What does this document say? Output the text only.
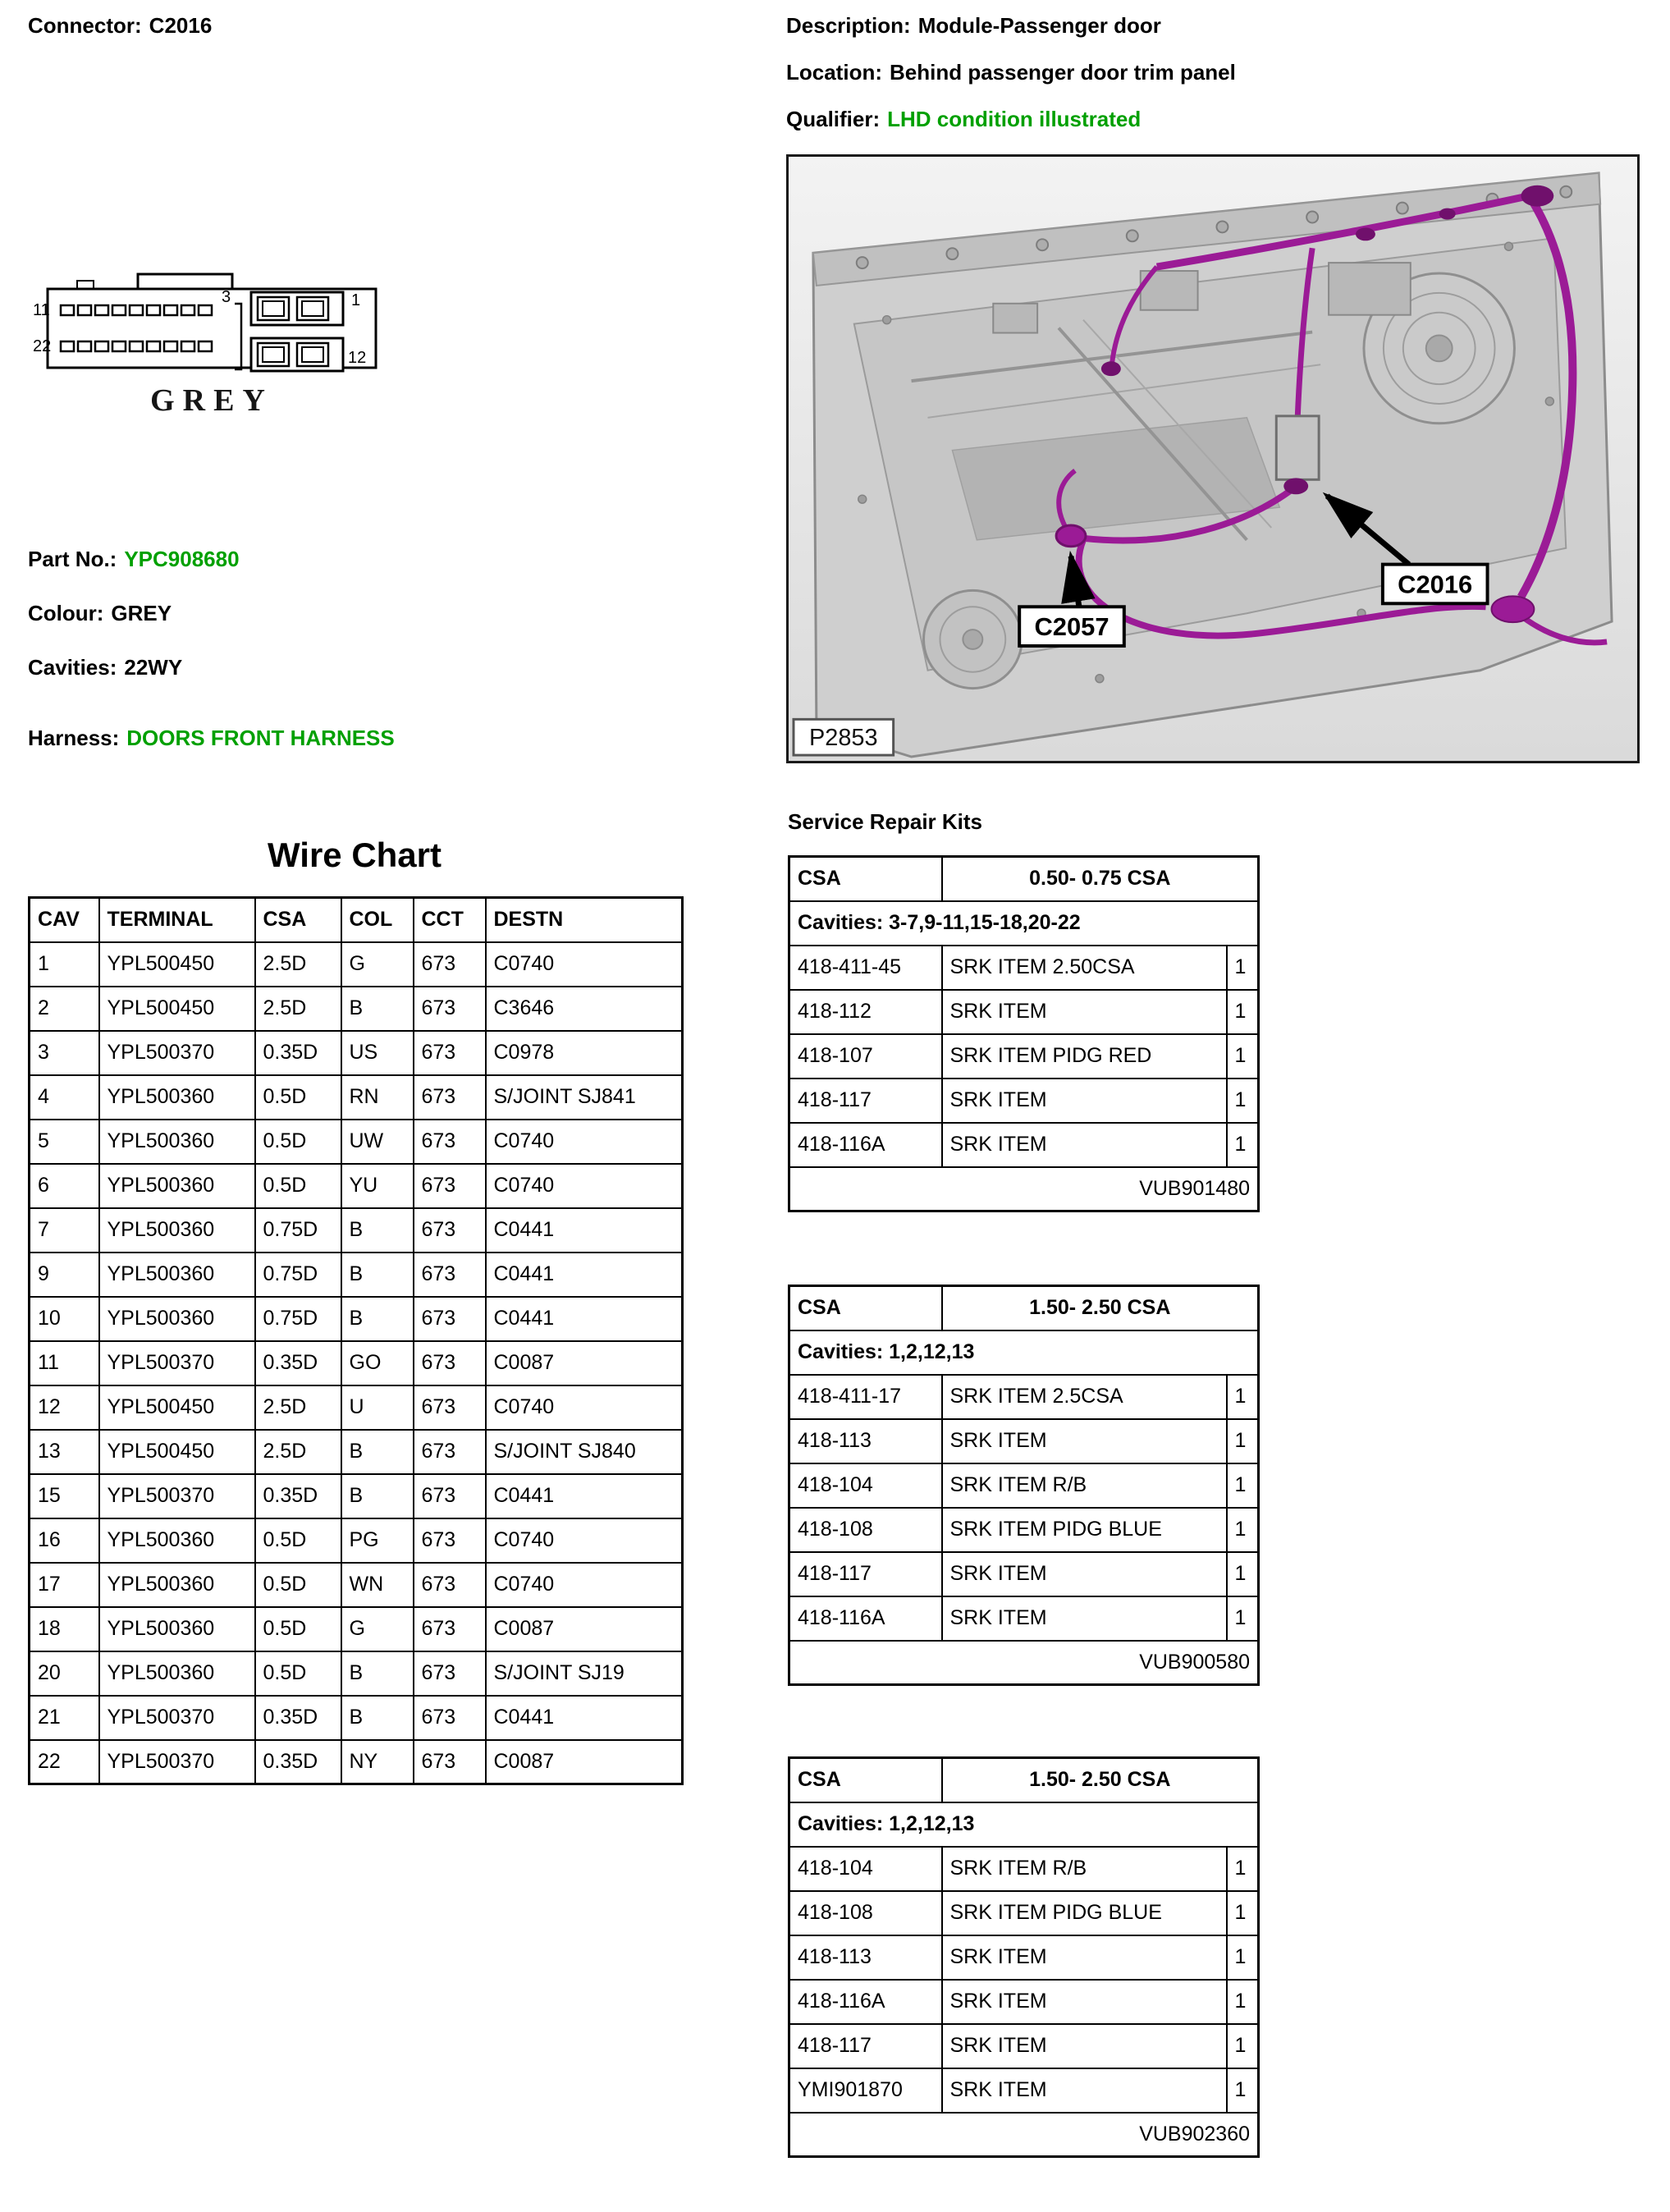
Connector: C2016	Description: Module-Passenger door
Location: Behind passenger door trim panel
Qualifier: LHD condition illustrated
11
22
3	1
12
GREY
Part No.: YPC908680
Colour: GREY
Cavities: 22WY
Harness: DOORS FRONT HARNESS
C2057
C2016
P2853
Wire Chart
CAV	TERMINAL	CSA	COL	CCT	DESTN
1	YPL500450	2.5D	G	673	C0740
2	YPL500450	2.5D	B	673	C3646
3	YPL500370	0.35D	US	673	C0978
4	YPL500360	0.5D	RN	673	S/JOINT SJ841
5	YPL500360	0.5D	UW	673	C0740
6	YPL500360	0.5D	YU	673	C0740
7	YPL500360	0.75D	B	673	C0441
9	YPL500360	0.75D	B	673	C0441
10	YPL500360	0.75D	B	673	C0441
11	YPL500370	0.35D	GO	673	C0087
12	YPL500450	2.5D	U	673	C0740
13	YPL500450	2.5D	B	673	S/JOINT SJ840
15	YPL500370	0.35D	B	673	C0441
16	YPL500360	0.5D	PG	673	C0740
17	YPL500360	0.5D	WN	673	C0740
18	YPL500360	0.5D	G	673	C0087
20	YPL500360	0.5D	B	673	S/JOINT SJ19
21	YPL500370	0.35D	B	673	C0441
22	YPL500370	0.35D	NY	673	C0087
Service Repair Kits
CSA	0.50- 0.75 CSA	
Cavities: 3-7,9-11,15-18,20-22		
418-411-45	SRK ITEM 2.50CSA	1
418-112	SRK ITEM	1
418-107	SRK ITEM PIDG RED	1
418-117	SRK ITEM	1
418-116A	SRK ITEM	1
VUB901480		
CSA	1.50- 2.50 CSA	
Cavities: 1,2,12,13		
418-411-17	SRK ITEM 2.5CSA	1
418-113	SRK ITEM	1
418-104	SRK ITEM R/B	1
418-108	SRK ITEM PIDG BLUE	1
418-117	SRK ITEM	1
418-116A	SRK ITEM	1
VUB900580		
CSA	1.50- 2.50 CSA	
Cavities: 1,2,12,13		
418-104	SRK ITEM R/B	1
418-108	SRK ITEM PIDG BLUE	1
418-113	SRK ITEM	1
418-116A	SRK ITEM	1
418-117	SRK ITEM	1
YMI901870	SRK ITEM	1
VUB902360		
